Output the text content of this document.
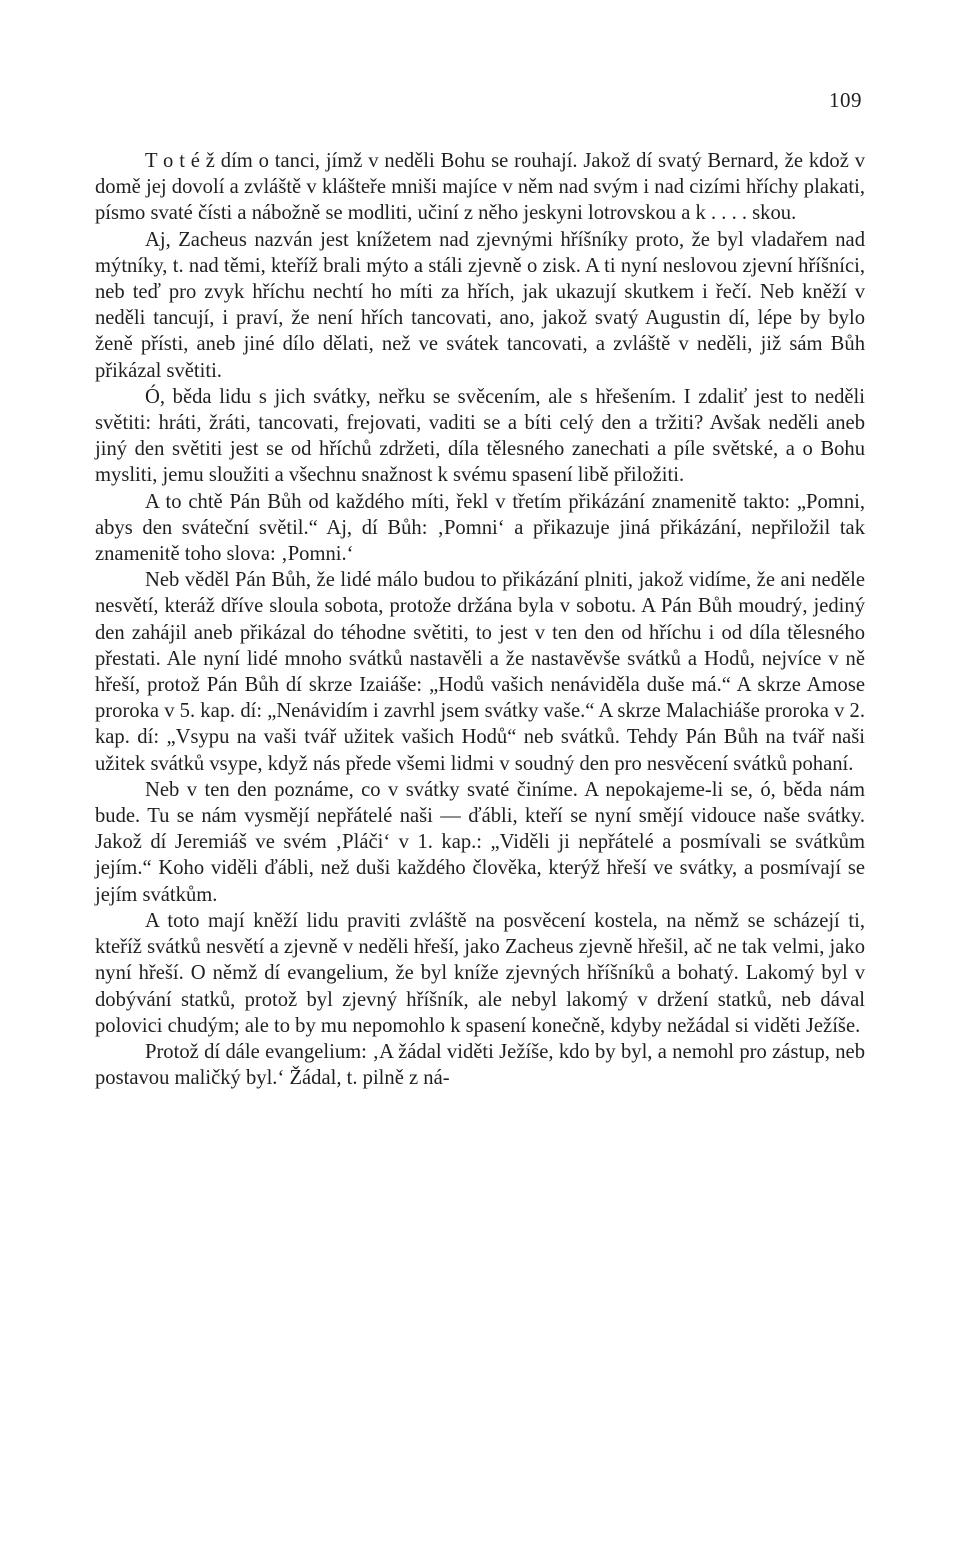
109

T o t é ž dím o tanci, jímž v neděli Bohu se rouhají. Jakož dí svatý Bernard, že kdož v domě jej dovolí a zvláště v klášteře mniši majíce v něm nad svým i nad cizími hříchy plakati, písmo svaté čísti a nábožně se modliti, učiní z něho jeskyni lotrovskou a k . . . . skou.

Aj, Zacheus nazván jest knížetem nad zjevnými hříšníky proto, že byl vladařem nad mýtníky, t. nad těmi, kteříž brali mýto a stáli zjevně o zisk. A ti nyní neslovou zjevní hříšníci, neb teď pro zvyk hříchu nechtí ho míti za hřích, jak ukazují skutkem i řečí. Neb kněží v neděli tancují, i praví, že není hřích tancovati, ano, jakož svatý Augustin dí, lépe by bylo ženě přísti, aneb jiné dílo dělati, než ve svátek tancovati, a zvláště v neděli, již sám Bůh přikázal světiti.

Ó, běda lidu s jich svátky, neřku se svěcením, ale s hřešením. I zdaliť jest to neděli světiti: hráti, žráti, tancovati, frejovati, vaditi se a bíti celý den a tržiti? Avšak neděli aneb jiný den světiti jest se od hříchů zdržeti, díla tělesného zanechati a píle světské, a o Bohu mysliti, jemu sloužiti a všechnu snažnost k svému spasení libě přiložiti.

A to chtě Pán Bůh od každého míti, řekl v třetím přikázání znamenitě takto: „Pomni, abys den sváteční světil.“ Aj, dí Bůh: ‚Pomni‘ a přikazuje jiná přikázání, nepřiložil tak znamenitě toho slova: ‚Pomni.‘

Neb věděl Pán Bůh, že lidé málo budou to přikázání plniti, jakož vidíme, že ani neděle nesvětí, kteráž dříve sloula sobota, protože držána byla v sobotu. A Pán Bůh moudrý, jediný den zahájil aneb přikázal do téhodne světiti, to jest v ten den od hříchu i od díla tělesného přestati. Ale nyní lidé mnoho svátků nastavěli a že nastavěvše svátků a Hodů, nejvíce v ně hřeší, protož Pán Bůh dí skrze Izaiáše: „Hodů vašich nenáviděla duše má.“ A skrze Amose proroka v 5. kap. dí: „Nenávidím i zavrhl jsem svátky vaše.“ A skrze Malachiáše proroka v 2. kap. dí: „Vsypu na vaši tvář užitek vašich Hodů“ neb svátků. Tehdy Pán Bůh na tvář naši užitek svátků vsype, když nás přede všemi lidmi v soudný den pro nesvěcení svátků pohaní.

Neb v ten den poznáme, co v svátky svaté činíme. A nepokajeme-li se, ó, běda nám bude. Tu se nám vysmějí nepřátelé naši — ďábli, kteří se nyní smějí vidouce naše svátky. Jakož dí Jeremiáš ve svém ‚Pláči‘ v 1. kap.: „Viděli ji nepřátelé a posmívali se svátkům jejím.“ Koho viděli ďábli, než duši každého člověka, kterýž hřeší ve svátky, a posmívají se jejím svátkům.

A toto mají kněží lidu praviti zvláště na posvěcení kostela, na němž se scházejí ti, kteříž svátků nesvětí a zjevně v neděli hřeší, jako Zacheus zjevně hřešil, ač ne tak velmi, jako nyní hřeší. O němž dí evangelium, že byl kníže zjevných hříšníků a bohatý. Lakomý byl v dobývání statků, protož byl zjevný hříšník, ale nebyl lakomý v držení statků, neb dával polovici chudým; ale to by mu nepomohlo k spasení konečně, kdyby nežádal si viděti Ježíše.

Protož dí dále evangelium: ‚A žádal viděti Ježíše, kdo by byl, a nemohl pro zástup, neb postavou maličký byl.‘ Žádal, t. pilně z ná-
